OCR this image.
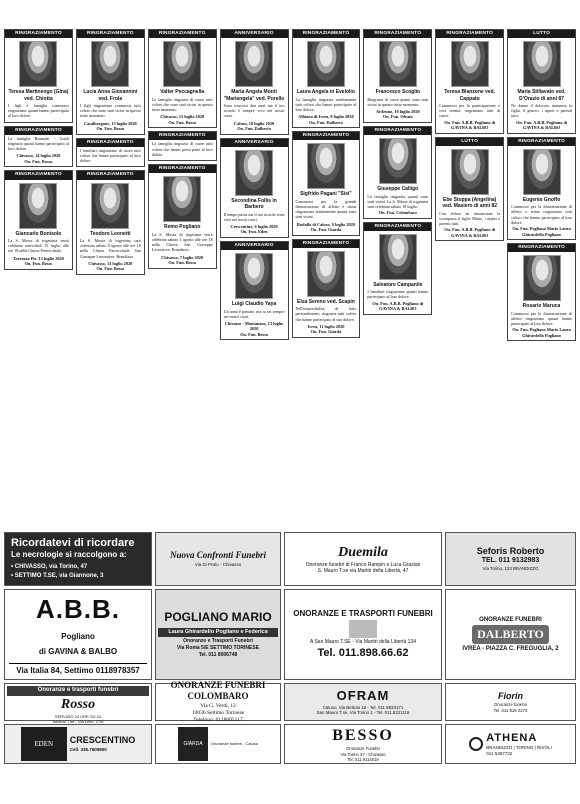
RINGRAZIAMENTO
Teresa Martinengo (Gina) ved. Chiotta
I figli e famiglia commossi ringraziano quanti hanno partecipato al loro dolore.
RINGRAZIAMENTO
La famiglia Bonaudo - Guidi ringrazia quanti hanno partecipato al loro dolore.
Chivasso, 14 luglio 2020
On. Fun. Rosso
RINGRAZIAMENTO
Giancarlo Bonisolo
La S. Messa di trigesima verrà celebrata mercoledì 15 luglio alle ore 18 nella Chiesa Parrocchiale.
Torrazza Pie. 13 luglio 2020
On. Fun. Besso
RINGRAZIAMENTO
Lucia Anna Giovannini ved. Frola
I figli ringraziano commossi tutti coloro che sono stati vicini in questo triste momento.
Casalborgone, 13 luglio 2020
On. Fun. Besso
RINGRAZIAMENTO
I familiari ringraziano di cuore tutti coloro che hanno partecipato al loro dolore.
RINGRAZIAMENTO
Teodoro Leonetti
La S. Messa di trigesima sarà celebrata sabato 8 agosto alle ore 18 nella Chiesa Parrocchiale San Giuseppe Lavoratore, Brandizzo.
Chivasso, 13 luglio 2020
On. Fun. Besso
RINGRAZIAMENTO
Valter Peccagnella
La famiglia ringrazia di cuore tutti coloro che sono stati vicini in questo triste momento.
Chivasso, 13 luglio 2020
On. Fun. Besso
RINGRAZIAMENTO
La famiglia ringrazia di cuore tutti coloro che hanno preso parte al loro dolore.
RINGRAZIAMENTO
Remo Pogliano
La S. Messa di trigesima verrà celebrata sabato 1 agosto alle ore 18 nella Chiesa San Giuseppe Lavoratore, Brandizzo.
Chivasso, 7 luglio 2020
On. Fun. Besso
ANNIVERSARIO
Maria Angela Monti "Mariangela" ved. Porello
Sono trascorsi due anni ma il tuo ricordo è sempre vivo nei nostri cuori.
Caluso, 10 luglio 2020
On. Fun. Dalberto
ANNIVERSARIO
Secondina Follis in Barbero
Il tempo passa ma il tuo ricordo resta vivo nei nostri cuori.
Crescentino, 6 luglio 2020
On. Fun. Eden
ANNIVERSARIO
Luigi Claudio Yaya
Un anno è passato, ma tu sei sempre nei nostri cuori.
Chivasso - Montanaro, 13 luglio 2020
On. Fun. Besso
RINGRAZIAMENTO
Laura Angela in Evelolio
La famiglia ringrazia sentitamente tutti coloro che hanno partecipato al loro dolore.
Albiano di Ivrea, 8 luglio 2020
On. Fun. Dalberto
RINGRAZIAMENTO
Sigfrido Pagani "Sisi"
Commossi per la grande dimostrazione di affetto e stima ringraziano sentitamente quanti sono stati vicini.
Rodallo di Caluso, 9 luglio 2020
On. Fun. Giarda
RINGRAZIAMENTO
Elsa Sereno ved. Scapin
Nell'impossibilità di farlo personalmente, ringrazia tutti coloro che hanno partecipato al suo dolore.
Ivrea, 11 luglio 2020
On. Fun. Giarda
RINGRAZIAMENTO
Francesco Scoglio
Ringrazia di cuore quanti sono stati vicini in questo triste momento.
Ardeuno, 10 luglio 2020
On. Fun. Ofram
RINGRAZIAMENTO
Giuseppe Calligo
La famiglia ringrazia quanti sono stati vicini. La S. Messa di trigesima sarà celebrata sabato 18 luglio.
On. Fun. Colombaro
RINGRAZIAMENTO
Salvatore Campanile
I familiari ringraziano quanti hanno partecipato al loro dolore.
On. Fun. A.B.B. Pogliano di GAVINA & BALBO
RINGRAZIAMENTO
Teresa Blanzone ved. Cappato
Commossi per la partecipazione e così sentita, ringraziano tutti di cuore.
On. Fun. A.B.B. Pogliano di GAVINA & BALBO
LUTTO
Ebe Stoppa (Angelina) ved. Masiero di anni 82
Con dolore ne annunciano la scomparsa il figlio Mario, i nipoti e parenti tutti.
On. Fun. A.B.B. Pogliano di GAVINA & BALBO
LUTTO
Maria Stillavato ved. D'Orazio di anni 87
Ne danno il doloroso annuncio la figlia, il genero, i nipoti e parenti tutti.
On. Fun. A.B.B. Pogliano di GAVINA & BALBO
RINGRAZIAMENTO
Eugenio Gnoffo
Commossi per la dimostrazione di affetto e stima ringraziano tutti coloro che hanno partecipato al loro dolore.
On. Fun. Pogliano Mario Laura Ghirardello Pogliano
RINGRAZIAMENTO
Rosario Maruca
Commossi per la dimostrazione di affetto ringraziano quanti hanno partecipato al loro dolore.
On. Fun. Pogliano Mario Laura Ghirardello Pogliano
Ricordatevi di ricordare
Le necrologie si raccolgono a:
• CHIVASSO, via Torino, 47
• SETTIMO T.SE, via Giannone, 3
A.B.B.
Pogliano
di GAVINA & BALBO
Via Italia 84, Settimo 0118978357
Onoranze e trasporti funebri
Rosso
SERVIZIO 24 ORE SU 24
Settimo T.se - Via Leinì, 27/b
EDEN	CRESCENTINO
Cell. 335.7605900
Nuova Confronti Funebri
Via Di Prato - Chivasso
POGLIANO MARIO
Laura Ghirardello Pogliano e Federica
Onoranze e Trasporti Funebri
Via Roma 5/E SETTIMO TORINESE
Tel. 011 8006748
ONORANZE FUNEBRI COLOMBARO
Via G. Verdi, 12
10036 Settimo Torinese
Telefono: 0118005117
GIARDA	Onoranze funebri - Caluso
Duemila
Onoranze funebri di Franco Rampin e Luca Grazian
S. Mauro T.se via Martiri della Libertà, 47
ONORANZE E TRASPORTI FUNEBRI
A San Mauro T.SE - Via Martiri della Libertà 134
Tel. 011.898.66.62
OFRAM
Caluso, Via Bettoia 18 - Tel. 011.9833171
San Mauro T.se, Via Torino 1 - Tel. 011.8221116
BESSO
Onoranze Funebri
Via Torino 47 - Chivasso
Tel. 011 9114519
Seforis Roberto
TEL. 011 9132983
Via Torino, 133 BRANDIZZO
ONORANZE FUNEBRI
DALBERTO
IVREA - PIAZZA C. FREGUGLIA, 2
Fiorin
Onoranze funebri
Tel. 011 919 2273
ATHENA
BRANDIZZO | TORINO | RIVOLI
011 5367732
